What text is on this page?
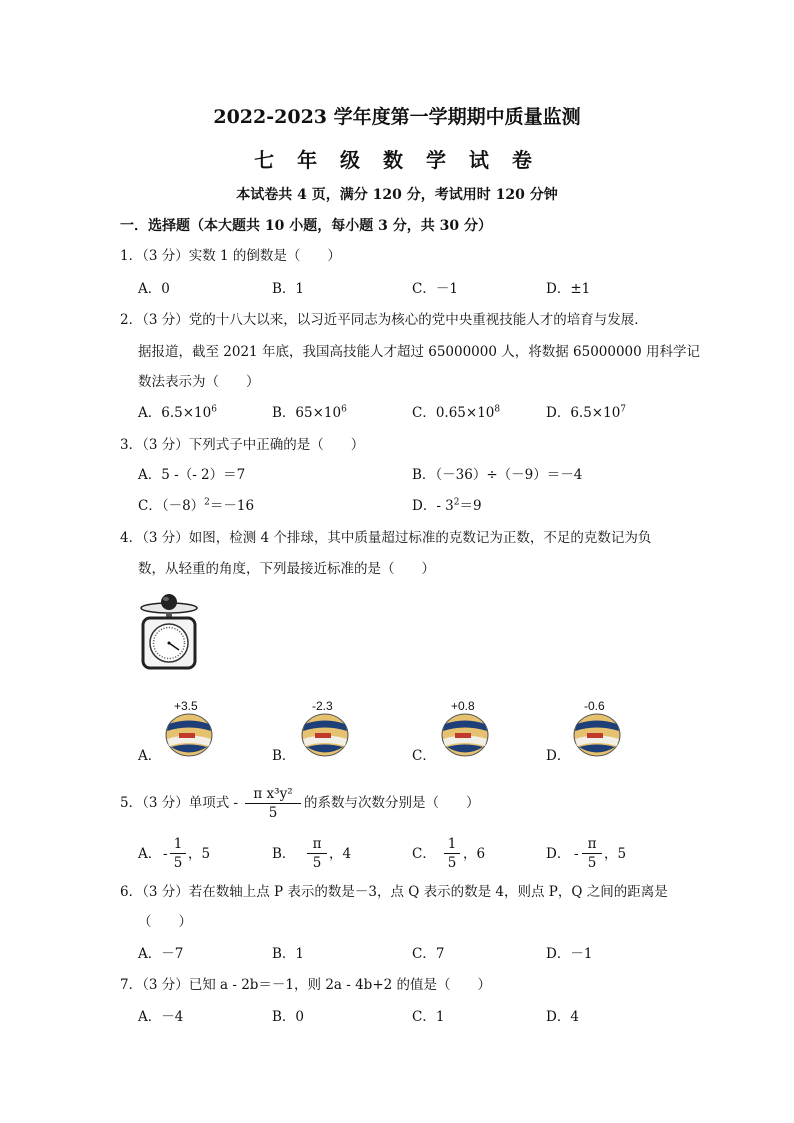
2022-2023 学年度第一学期期中质量监测
七 年 级 数 学 试 卷
本试卷共 4 页，满分 120 分，考试用时 120 分钟
一．选择题（本大题共 10 小题，每小题 3 分，共 30 分）
1．（3 分）实数 1 的倒数是（　　）
A．0	B．1	C．－1	D．±1
2．（3 分）党的十八大以来，以习近平同志为核心的党中央重视技能人才的培育与发展．
据报道，截至 2021 年底，我国高技能人才超过 65000000 人，将数据 65000000 用科学记
数法表示为（　　）
A．$6.5\times 10^6$	B．$65\times 10^6$	C．$0.65\times 10^8$	D．$6.5\times 10^7$
3．（3 分）下列式子中正确的是（　　）
A．5 -（- 2）＝7	B．（－36）÷（－9）＝－4
C．$(-8)^2=-16$	D．- $3^2=9$
4．（3 分）如图，检测 4 个排球，其中质量超过标准的克数记为正数，不足的克数记为负
数，从轻重的角度，下列最接近标准的是（　　）
A．
+3.5
B．
-2.3
C．
+0.8
D．
-0.6
5．（3 分）单项式 -
π x³y²
5
的系数与次数分别是（　　）
A． -
1
5
，5	B．
π
5
，4	C．
1
5
，6	D． -
π
5
，5
6．（3 分）若在数轴上点 P 表示的数是－3，点 Q 表示的数是 4，则点 P，Q 之间的距离是
（　　）
A．－7	B．1	C．7	D．－1
7．（3 分）已知 a - 2b＝－1，则 2a - 4b+2 的值是（　　）
A．－4	B．0	C．1	D．4
